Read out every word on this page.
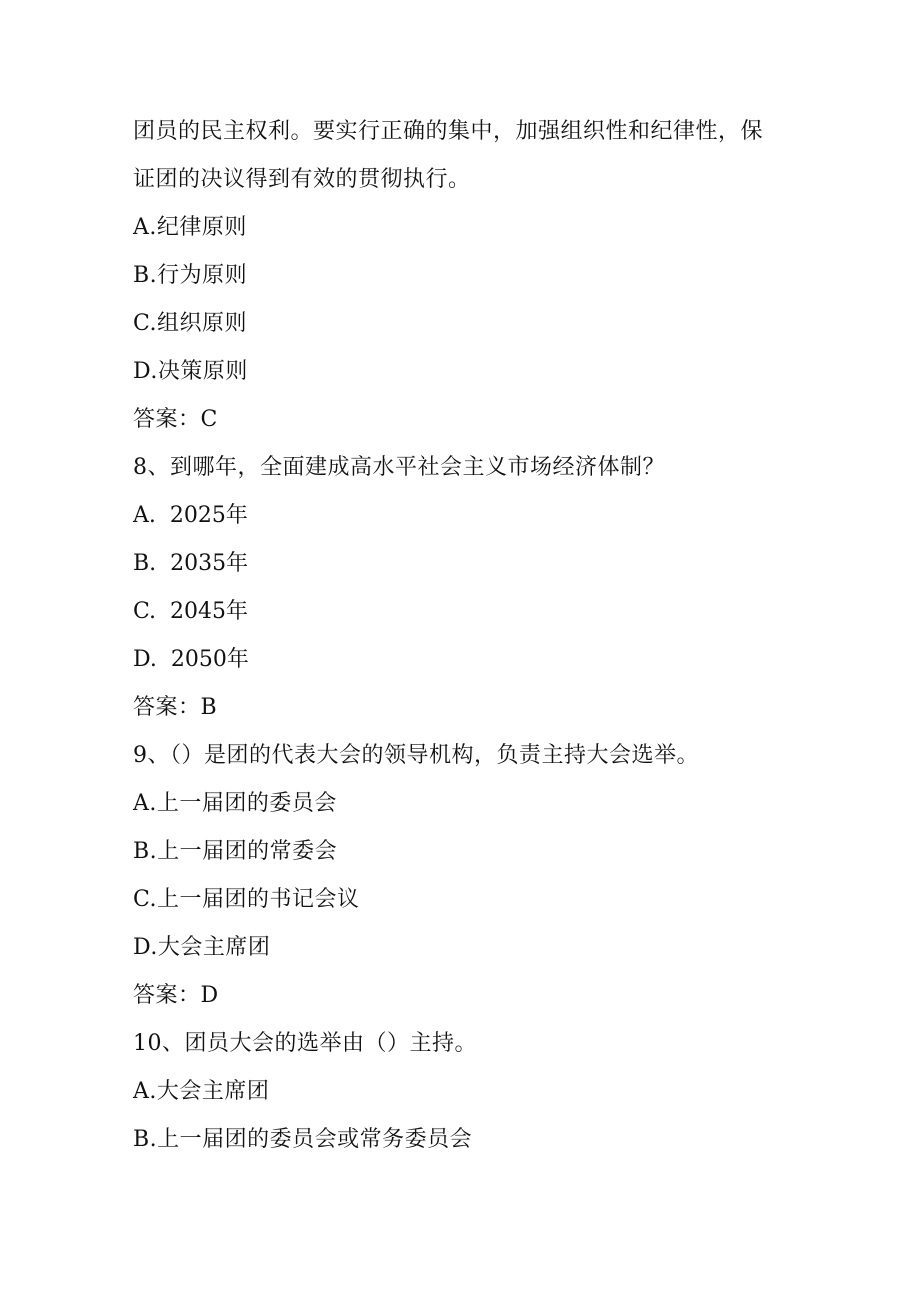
团员的民主权利。要实行正确的集中，加强组织性和纪律性，保
证团的决议得到有效的贯彻执行。
A.纪律原则
B.行为原则
C.组织原则
D.决策原则
答案：C
8、到哪年，全面建成高水平社会主义市场经济体制？
A.  2025年
B.  2035年
C.  2045年
D.  2050年
答案：B
9、（）是团的代表大会的领导机构，负责主持大会选举。
A.上一届团的委员会
B.上一届团的常委会
C.上一届团的书记会议
D.大会主席团
答案：D
10、团员大会的选举由（）主持。
A.大会主席团
B.上一届团的委员会或常务委员会
